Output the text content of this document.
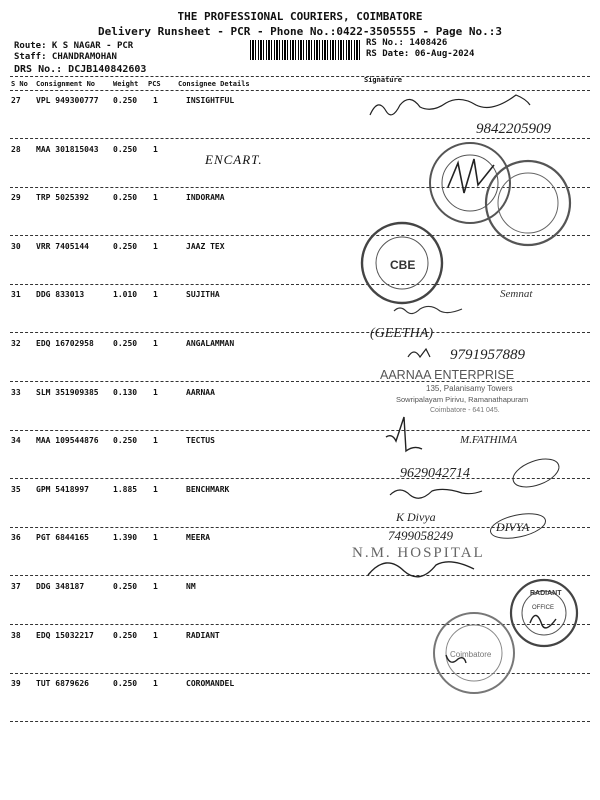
THE PROFESSIONAL COURIERS, COIMBATORE
Delivery Runsheet - PCR - Phone No.:0422-3505555 - Page No.:3
Route: K S NAGAR - PCR
Staff: CHANDRAMOHAN
DRS No.: DCJB140842603
RS No.: 1408426
RS Date: 06-Aug-2024
S No Consignment No	Weight PCS Consignee Details	Signature
27 VPL 949300777 0.250 1	INSIGHTFUL
28 MAA 301815043 0.250 1
29 TRP 5025392	0.250 1	INDORAMA
30 VRR 7405144	0.250 1	JAAZ TEX
31 DDG 833013	1.010 1	SUJITHA
32 EDQ 16702958 0.250 1	ANGALAMMAN
33 SLM 351909385 0.130 1	AARNAA
34 MAA 109544876 0.250 1	TECTUS
35 GPM 5418997	1.885 1	BENCHMARK
36 PGT 6844165	1.390 1	MEERA
37 DDG 348187	0.250 1	NM
38 EDQ 15032217 0.250 1	RADIANT
39 TUT 6879626	0.250 1	COROMANDEL
9842205909
CBE
Semnat
(GEETHA)
9791957889
AARNAA ENTERPRISE
135, Palanisamy Towers
Sowripalayam Pirivu, Ramanathapuram
Coimbatore - 641 045.
M.FATHIMA
9629042714
K Divya
7499058249
DIVYA
N.M. HOSPITAL
RADIANT
OFFICE
Coimbatore
ENCART.
